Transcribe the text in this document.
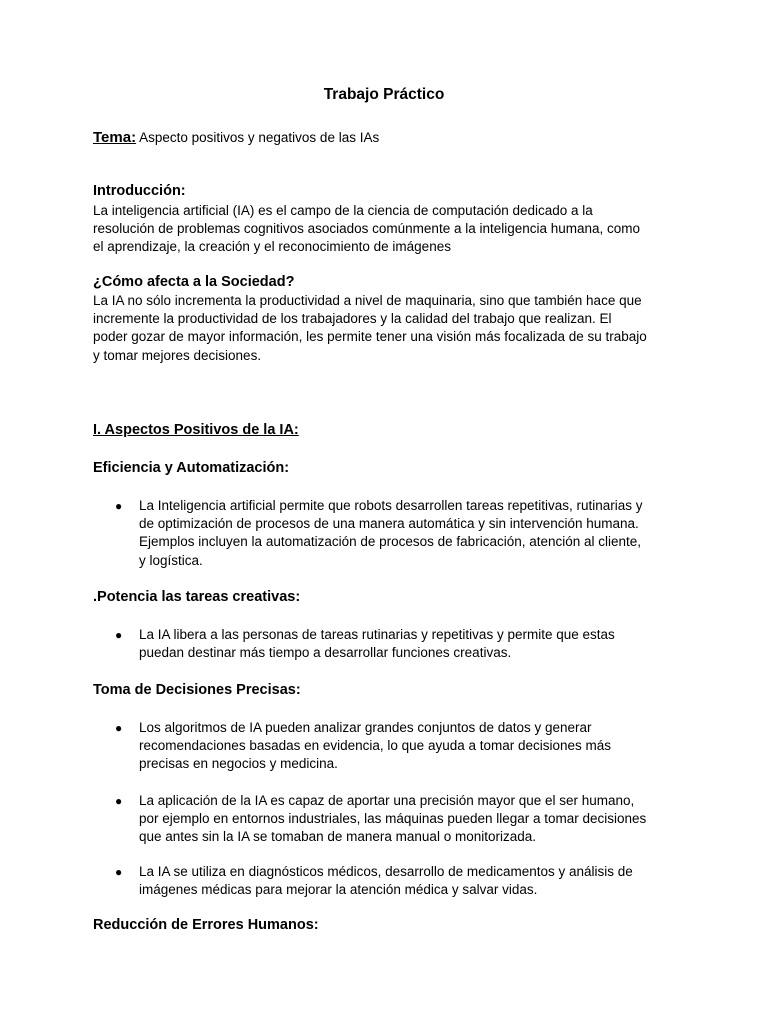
Trabajo Práctico

Tema: Aspecto positivos y negativos de las IAs

Introducción:
La inteligencia artificial (IA) es el campo de la ciencia de computación dedicado a la
resolución de problemas cognitivos asociados comúnmente a la inteligencia humana, como
el aprendizaje, la creación y el reconocimiento de imágenes
¿Cómo afecta a la Sociedad?
La IA no sólo incrementa la productividad a nivel de maquinaria, sino que también hace que
incremente la productividad de los trabajadores y la calidad del trabajo que realizan. El
poder gozar de mayor información, les permite tener una visión más focalizada de su trabajo
y tomar mejores decisiones.
I. Aspectos Positivos de la IA:
Eficiencia y Automatización:
● La Inteligencia artificial permite que robots desarrollen tareas repetitivas, rutinarias y
de optimización de procesos de una manera automática y sin intervención humana.
Ejemplos incluyen la automatización de procesos de fabricación, atención al cliente,
y logística.
.Potencia las tareas creativas:
● La IA libera a las personas de tareas rutinarias y repetitivas y permite que estas
puedan destinar más tiempo a desarrollar funciones creativas.
Toma de Decisiones Precisas:
● Los algoritmos de IA pueden analizar grandes conjuntos de datos y generar
recomendaciones basadas en evidencia, lo que ayuda a tomar decisiones más
precisas en negocios y medicina.
● La aplicación de la IA es capaz de aportar una precisión mayor que el ser humano,
por ejemplo en entornos industriales, las máquinas pueden llegar a tomar decisiones
que antes sin la IA se tomaban de manera manual o monitorizada.
● La IA se utiliza en diagnósticos médicos, desarrollo de medicamentos y análisis de
imágenes médicas para mejorar la atención médica y salvar vidas.
Reducción de Errores Humanos:
